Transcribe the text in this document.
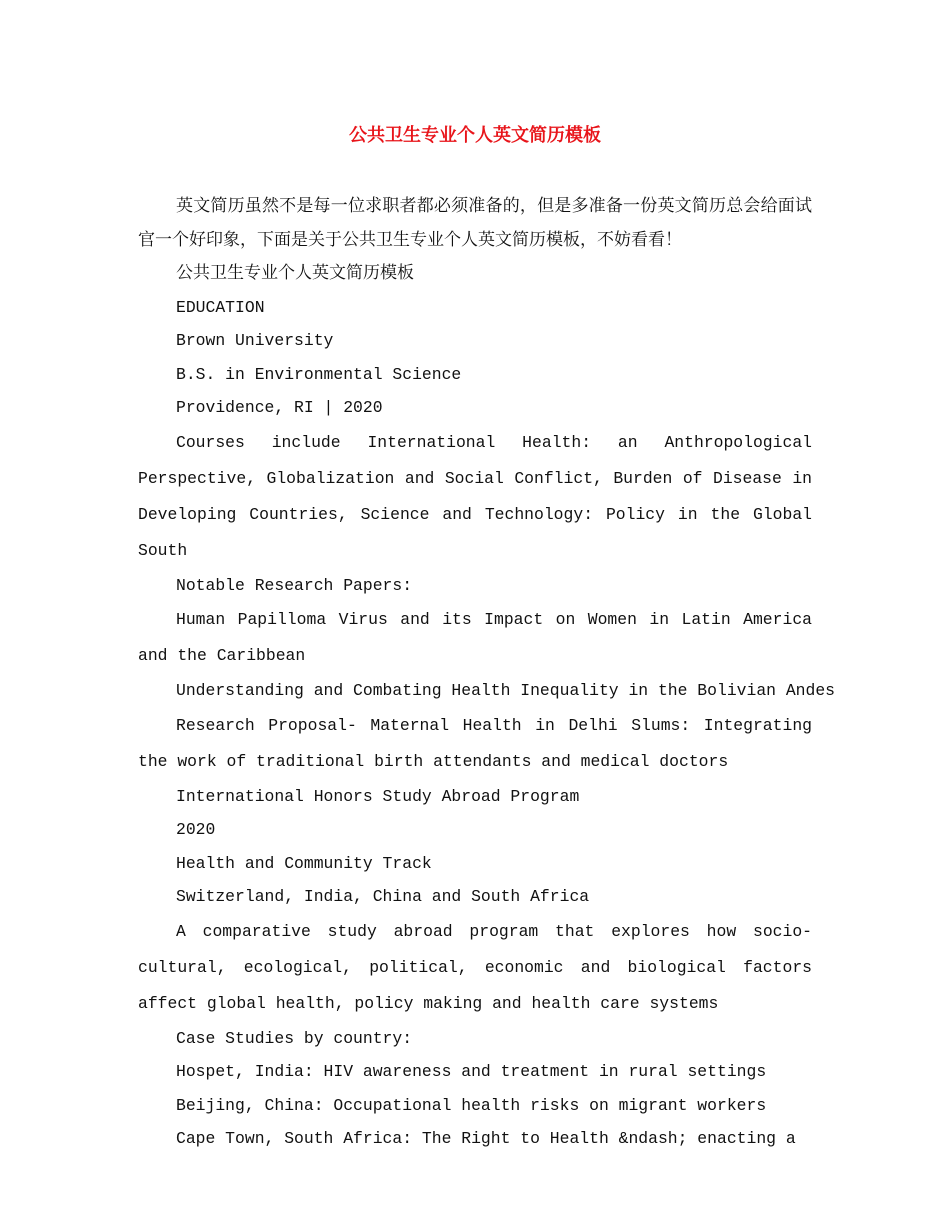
公共卫生专业个人英文简历模板

英文简历虽然不是每一位求职者都必须准备的，但是多准备一份英文简历总会给面试官一个好印象，下面是关于公共卫生专业个人英文简历模板，不妨看看！

公共卫生专业个人英文简历模板

EDUCATION

Brown University

B.S. in Environmental Science

Providence, RI | 2020

Courses include International Health: an Anthropological Perspective, Globalization and Social Conflict, Burden of Disease in Developing Countries, Science and Technology: Policy in the Global South

Notable Research Papers:

Human Papilloma Virus and its Impact on Women in Latin America and the Caribbean

Understanding and Combating Health Inequality in the Bolivian Andes

Research Proposal- Maternal Health in Delhi Slums: Integrating the work of traditional birth attendants and medical doctors

International Honors Study Abroad Program

2020

Health and Community Track

Switzerland, India, China and South Africa

A comparative study abroad program that explores how socio-cultural, ecological, political, economic and biological factors affect global health, policy making and health care systems

Case Studies by country:

Hospet, India: HIV awareness and treatment in rural settings

Beijing, China: Occupational health risks on migrant workers

Cape Town, South Africa: The Right to Health &ndash; enacting a
